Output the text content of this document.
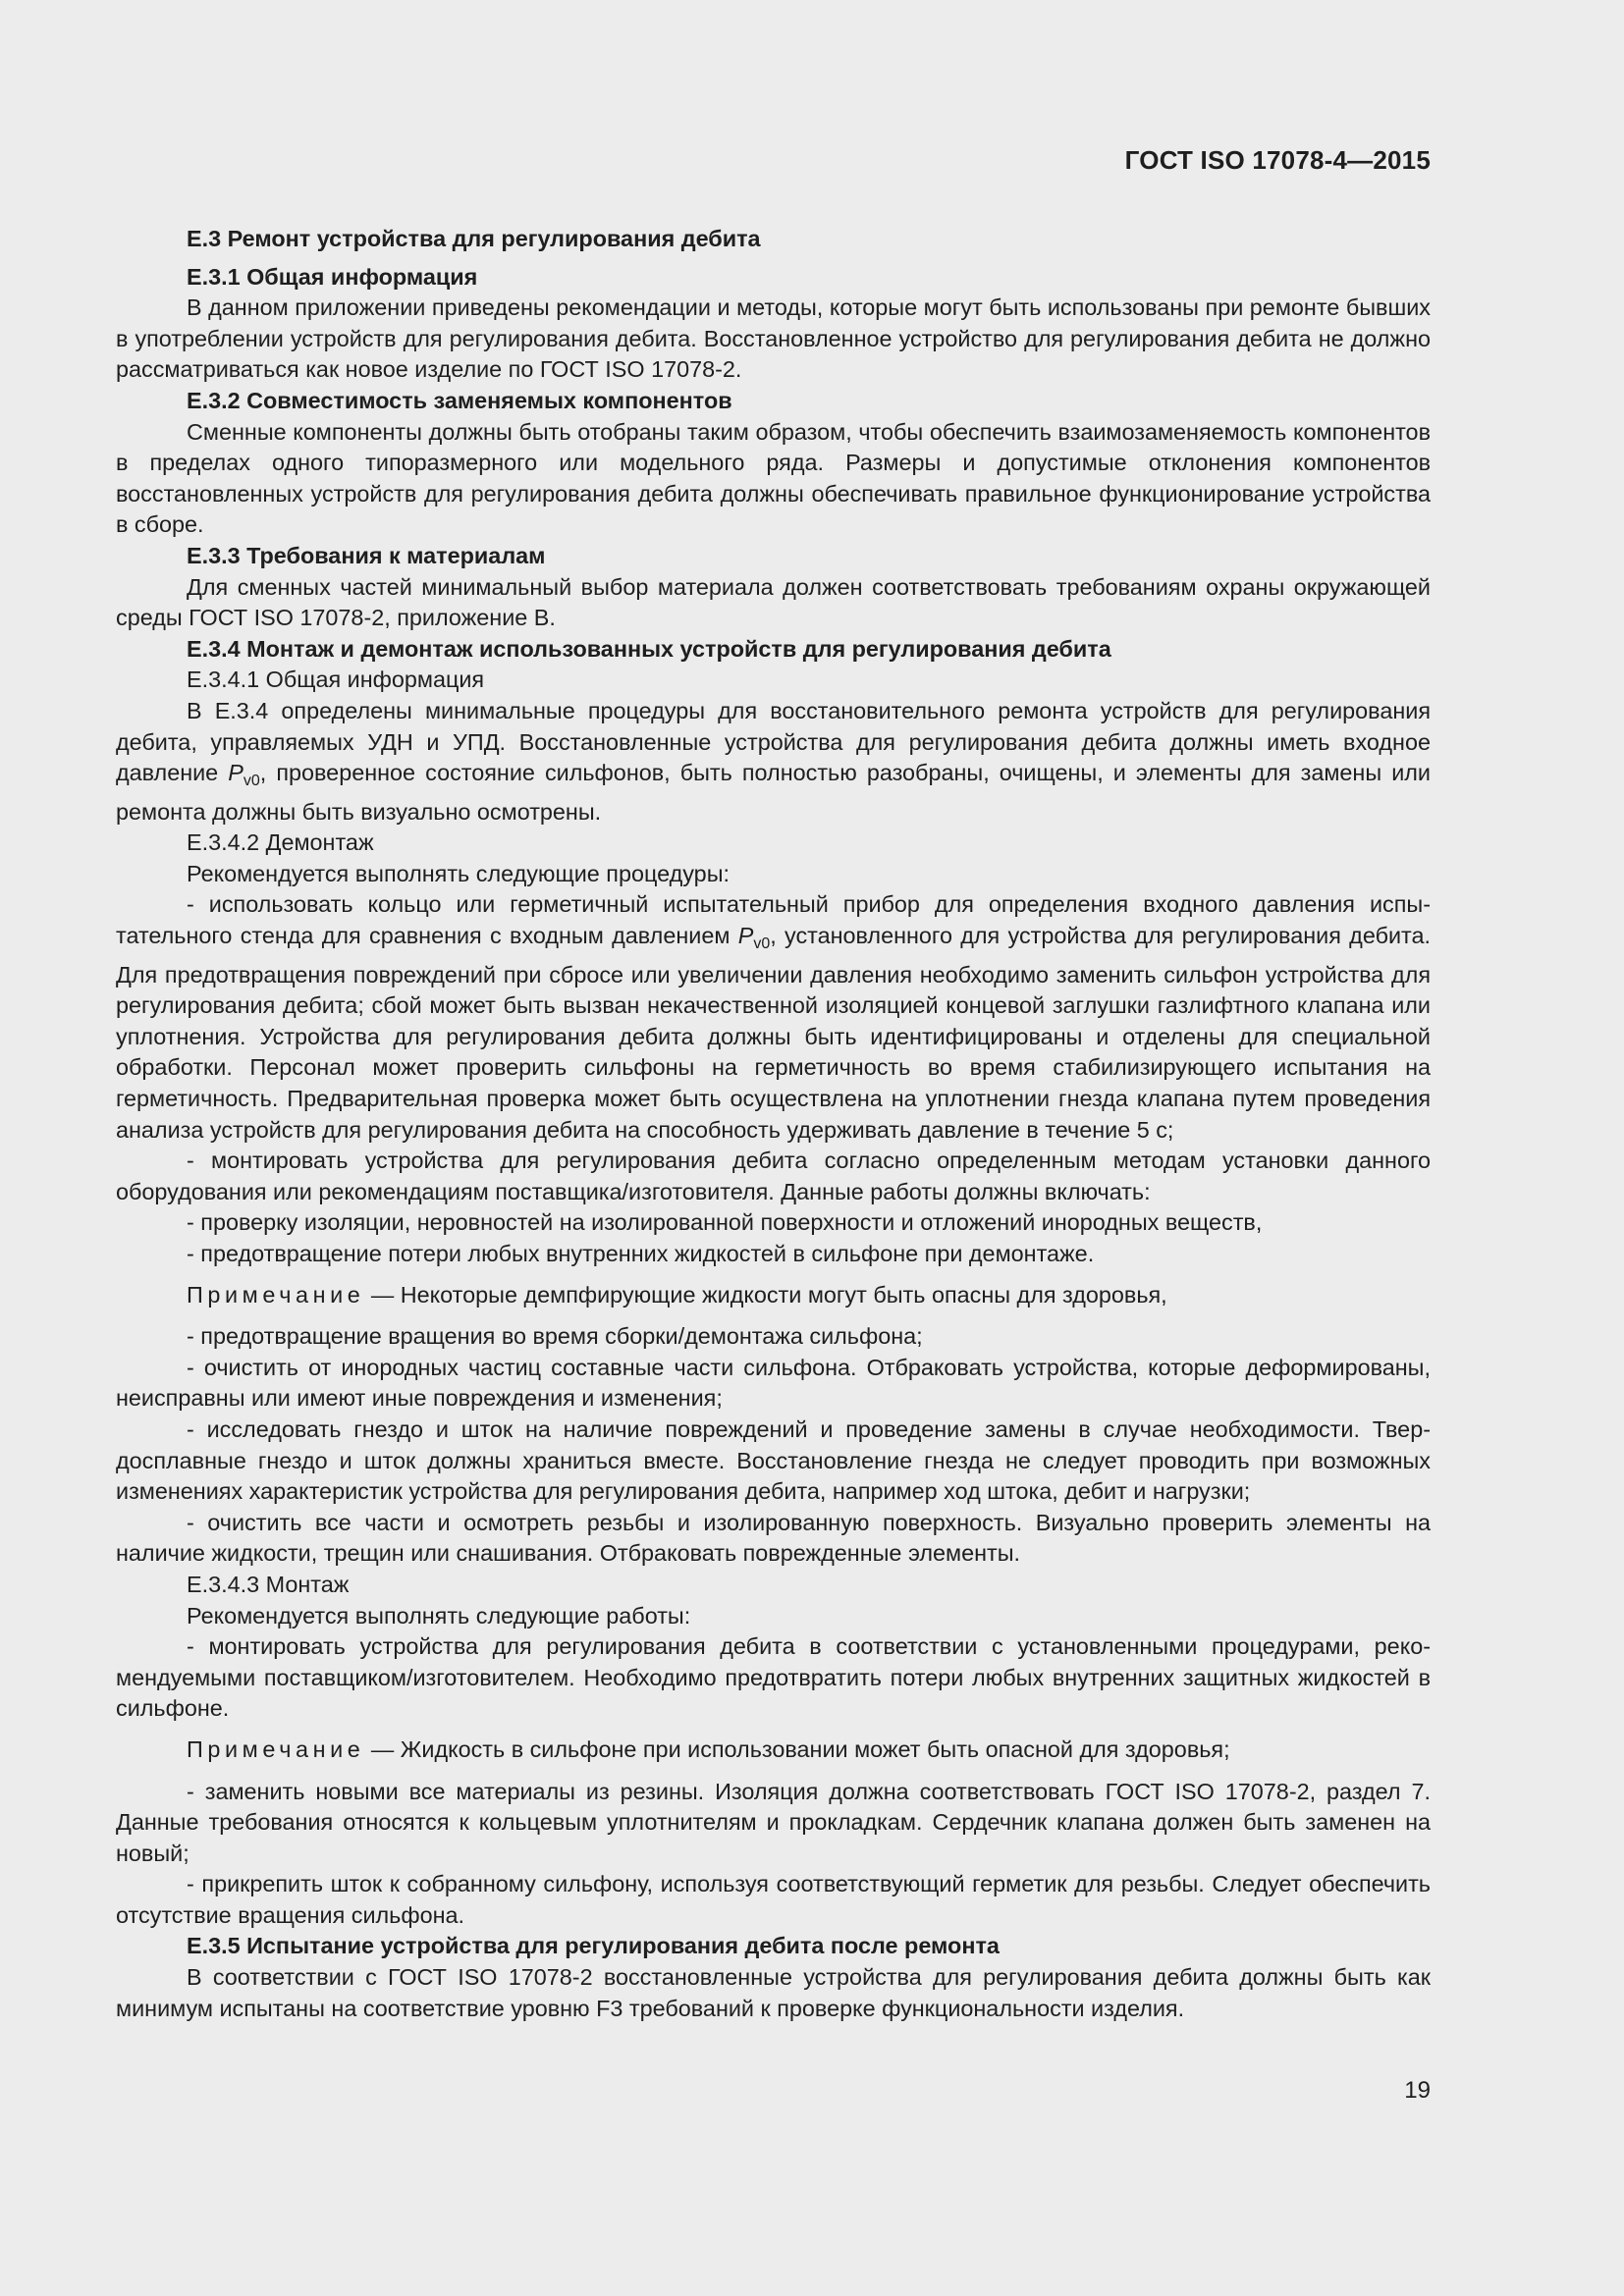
ГОСТ ISO 17078-4—2015

Е.3 Ремонт устройства для регулирования дебита

Е.3.1 Общая информация

В данном приложении приведены рекомендации и методы, которые могут быть использованы при ремонте бывших в употреблении устройств для регулирования дебита. Восстановленное устройство для регулирования дебита не должно рассматриваться как новое изделие по ГОСТ ISO 17078-2.

Е.3.2 Совместимость заменяемых компонентов

Сменные компоненты должны быть отобраны таким образом, чтобы обеспечить взаимозаменяемость компонентов в пределах одного типоразмерного или модельного ряда. Размеры и допустимые отклонения компонентов восстановленных устройств для регулирования дебита должны обеспечивать правильное функционирование устройства в сборе.

Е.3.3 Требования к материалам

Для сменных частей минимальный выбор материала должен соответствовать требованиям охраны окружающей среды ГОСТ ISO 17078-2, приложение В.

Е.3.4 Монтаж и демонтаж использованных устройств для регулирования дебита

Е.3.4.1 Общая информация

В Е.3.4 определены минимальные процедуры для восстановительного ремонта устройств для регулирования дебита, управляемых УДН и УПД. Восстановленные устройства для регулирования дебита должны иметь входное давление $P_{v0}$, проверенное состояние сильфонов, быть полностью разобраны, очищены, и элементы для замены или ремонта должны быть визуально осмотрены.

Е.3.4.2 Демонтаж

Рекомендуется выполнять следующие процедуры:

- использовать кольцо или герметичный испытательный прибор для определения входного давления испытательного стенда для сравнения с входным давлением $P_{v0}$, установленного для устройства для регулирования дебита. Для предотвращения повреждений при сбросе или увеличении давления необходимо заменить сильфон устройства для регулирования дебита; сбой может быть вызван некачественной изоляцией концевой заглушки газлифтного клапана или уплотнения. Устройства для регулирования дебита должны быть идентифицированы и отделены для специальной обработки. Персонал может проверить сильфоны на герметичность во время стабилизирующего испытания на герметичность. Предварительная проверка может быть осуществлена на уплотнении гнезда клапана путем проведения анализа устройств для регулирования дебита на способность удерживать давление в течение 5 с;

- монтировать устройства для регулирования дебита согласно определенным методам установки данного оборудования или рекомендациям поставщика/изготовителя. Данные работы должны включать:

- проверку изоляции, неровностей на изолированной поверхности и отложений инородных веществ,

- предотвращение потери любых внутренних жидкостей в сильфоне при демонтаже.

Примечание — Некоторые демпфирующие жидкости могут быть опасны для здоровья,

- предотвращение вращения во время сборки/демонтажа сильфона;

- очистить от инородных частиц составные части сильфона. Отбраковать устройства, которые деформированы, неисправны или имеют иные повреждения и изменения;

- исследовать гнездо и шток на наличие повреждений и проведение замены в случае необходимости. Твердосплавные гнездо и шток должны храниться вместе. Восстановление гнезда не следует проводить при возможных изменениях характеристик устройства для регулирования дебита, например ход штока, дебит и нагрузки;

- очистить все части и осмотреть резьбы и изолированную поверхность. Визуально проверить элементы на наличие жидкости, трещин или снашивания. Отбраковать поврежденные элементы.

Е.3.4.3 Монтаж

Рекомендуется выполнять следующие работы:

- монтировать устройства для регулирования дебита в соответствии с установленными процедурами, рекомендуемыми поставщиком/изготовителем. Необходимо предотвратить потери любых внутренних защитных жидкостей в сильфоне.

Примечание — Жидкость в сильфоне при использовании может быть опасной для здоровья;

- заменить новыми все материалы из резины. Изоляция должна соответствовать ГОСТ ISO 17078-2, раздел 7. Данные требования относятся к кольцевым уплотнителям и прокладкам. Сердечник клапана должен быть заменен на новый;

- прикрепить шток к собранному сильфону, используя соответствующий герметик для резьбы. Следует обеспечить отсутствие вращения сильфона.

Е.3.5 Испытание устройства для регулирования дебита после ремонта

В соответствии с ГОСТ ISO 17078-2 восстановленные устройства для регулирования дебита должны быть как минимум испытаны на соответствие уровню F3 требований к проверке функциональности изделия.

19
